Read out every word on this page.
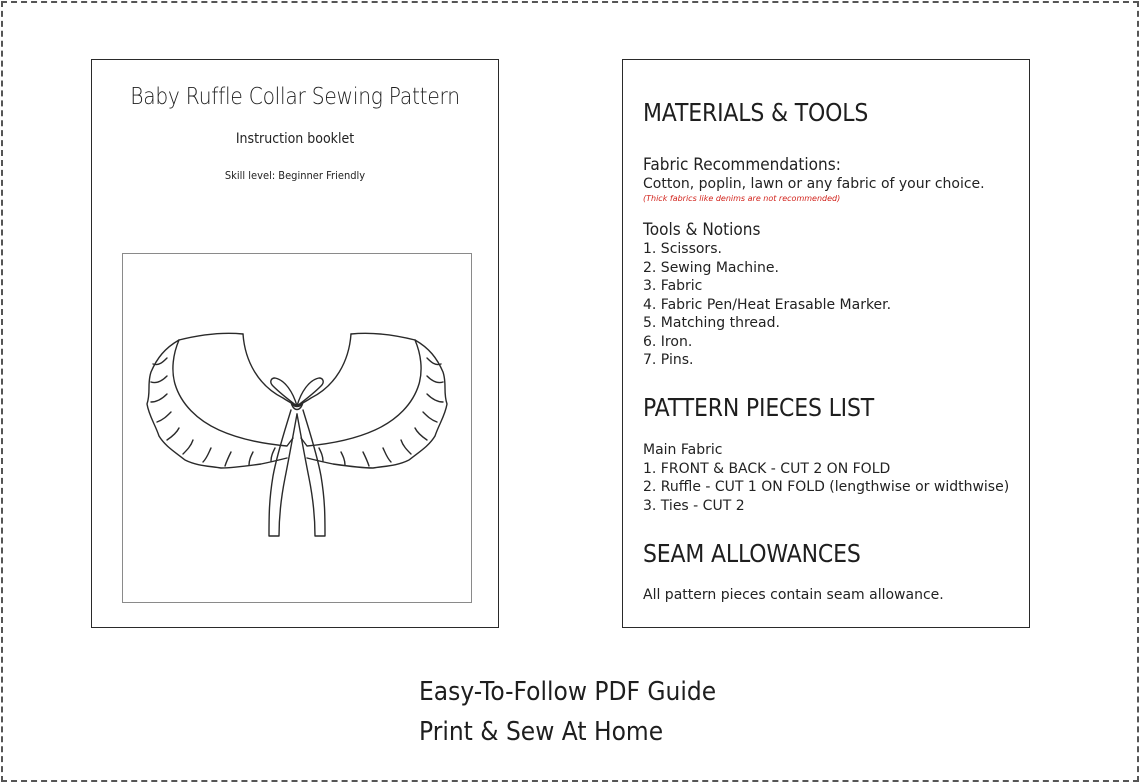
Baby Ruffle Collar Sewing Pattern
Instruction booklet
Skill level: Beginner Friendly
MATERIALS & TOOLS
Fabric Recommendations:
Cotton, poplin, lawn or any fabric of your choice.
(Thick fabrics like denims are not recommended)
Tools & Notions
1. Scissors.
2. Sewing Machine.
3. Fabric
4. Fabric Pen/Heat Erasable Marker.
5. Matching thread.
6. Iron.
7. Pins.
PATTERN PIECES LIST
Main Fabric
1. FRONT & BACK - CUT 2 ON FOLD
2. Ruffle - CUT 1 ON FOLD (lengthwise or widthwise)
3. Ties - CUT 2
SEAM ALLOWANCES
All pattern pieces contain seam allowance.
Easy-To-Follow PDF Guide
Print & Sew At Home
